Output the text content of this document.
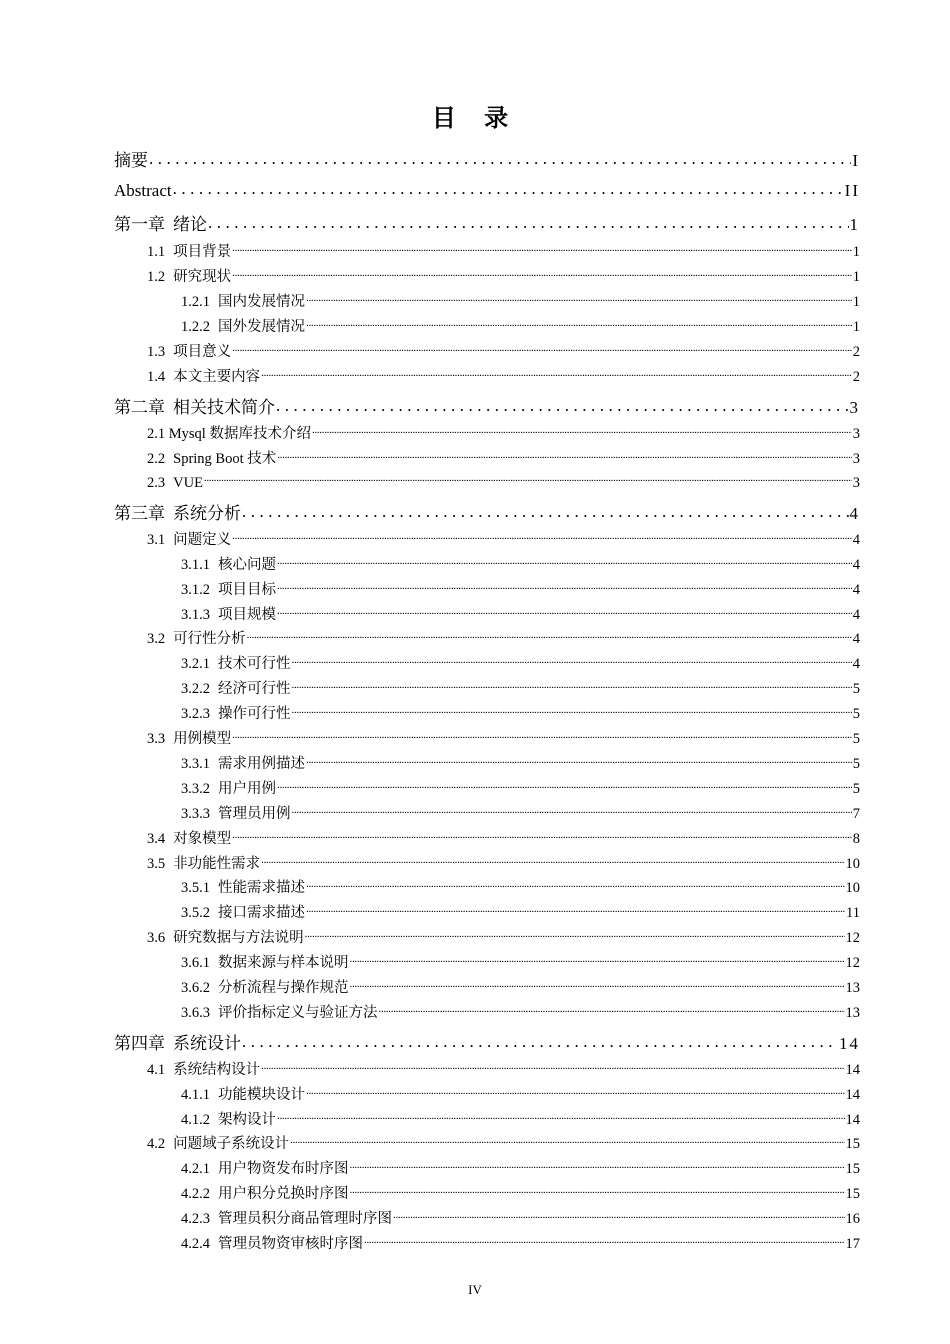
目 录
摘要 .....	I
Abstract .....	II
第一章 绪论 .....	1
1.1 项目背景 .....	1
1.2 研究现状 .....	1
1.2.1 国内发展情况 .....	1
1.2.2 国外发展情况 .....	1
1.3 项目意义 .....	2
1.4 本文主要内容 .....	2
第二章 相关技术简介 .....	3
2.1 Mysql 数据库技术介绍 .....	3
2.2 Spring Boot 技术 .....	3
2.3 VUE .....	3
第三章 系统分析 .....	4
3.1 问题定义 .....	4
3.1.1 核心问题 .....	4
3.1.2 项目目标 .....	4
3.1.3 项目规模 .....	4
3.2 可行性分析 .....	4
3.2.1 技术可行性 .....	4
3.2.2 经济可行性 .....	5
3.2.3 操作可行性 .....	5
3.3 用例模型 .....	5
3.3.1 需求用例描述 .....	5
3.3.2 用户用例 .....	5
3.3.3 管理员用例 .....	7
3.4 对象模型 .....	8
3.5 非功能性需求 .....	10
3.5.1 性能需求描述 .....	10
3.5.2 接口需求描述 .....	11
3.6 研究数据与方法说明 .....	12
3.6.1 数据来源与样本说明 .....	12
3.6.2 分析流程与操作规范 .....	13
3.6.3 评价指标定义与验证方法 .....	13
第四章 系统设计 .....	14
4.1 系统结构设计 .....	14
4.1.1 功能模块设计 .....	14
4.1.2 架构设计 .....	14
4.2 问题域子系统设计 .....	15
4.2.1 用户物资发布时序图 .....	15
4.2.2 用户积分兑换时序图 .....	15
4.2.3 管理员积分商品管理时序图 .....	16
4.2.4 管理员物资审核时序图 .....	17
IV
